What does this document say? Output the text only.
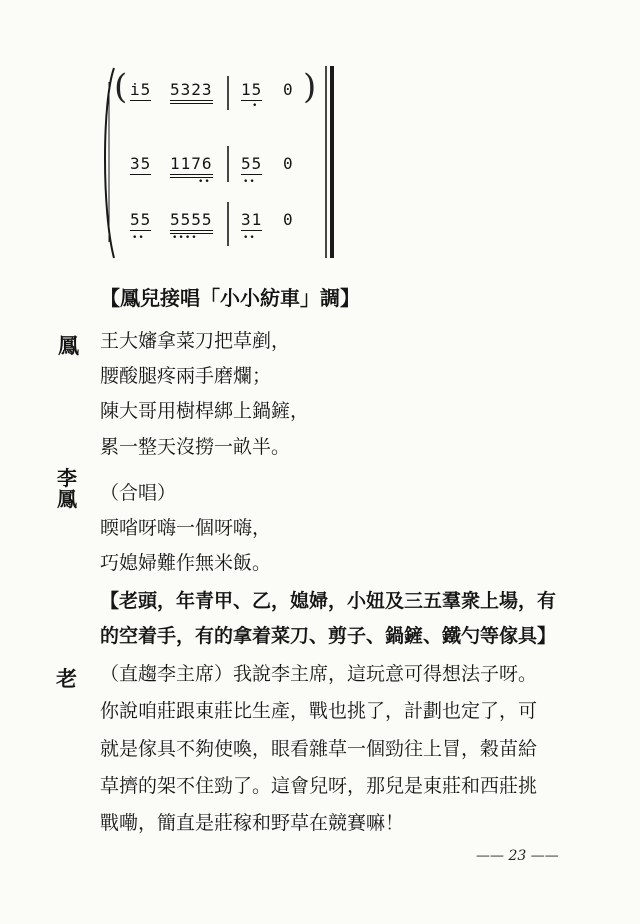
(	)
i5 5323 15 0
•
35 1176 55 0
••	••
55 5555 31 0
••	••••	••
【鳳兒接唱「小小紡車」調】
鳳 王大嬸拿菜刀把草剷，
腰酸腿疼兩手磨爛；
陳大哥用樹桿綁上鍋鏟，
累一整天沒撈一畝半。
李鳳 （合唱）
㬉㗂呀嗨一個呀嗨，
巧媳婦難作無米飯。
【老頭，年青甲、乙，媳婦，小妞及三五羣衆上場，有
的空着手，有的拿着菜刀、剪子、鍋鏟、鐵勺等傢具】
老 （直趨李主席）我說李主席，這玩意可得想法子呀。
你說咱莊跟東莊比生產，戰也挑了，計劃也定了，可
就是傢具不夠使喚，眼看雜草一個勁往上冒，穀苗給
草擠的架不住勁了。這會兒呀，那兒是東莊和西莊挑
戰嘞，簡直是莊稼和野草在競賽嘛！
—— 23 ——
